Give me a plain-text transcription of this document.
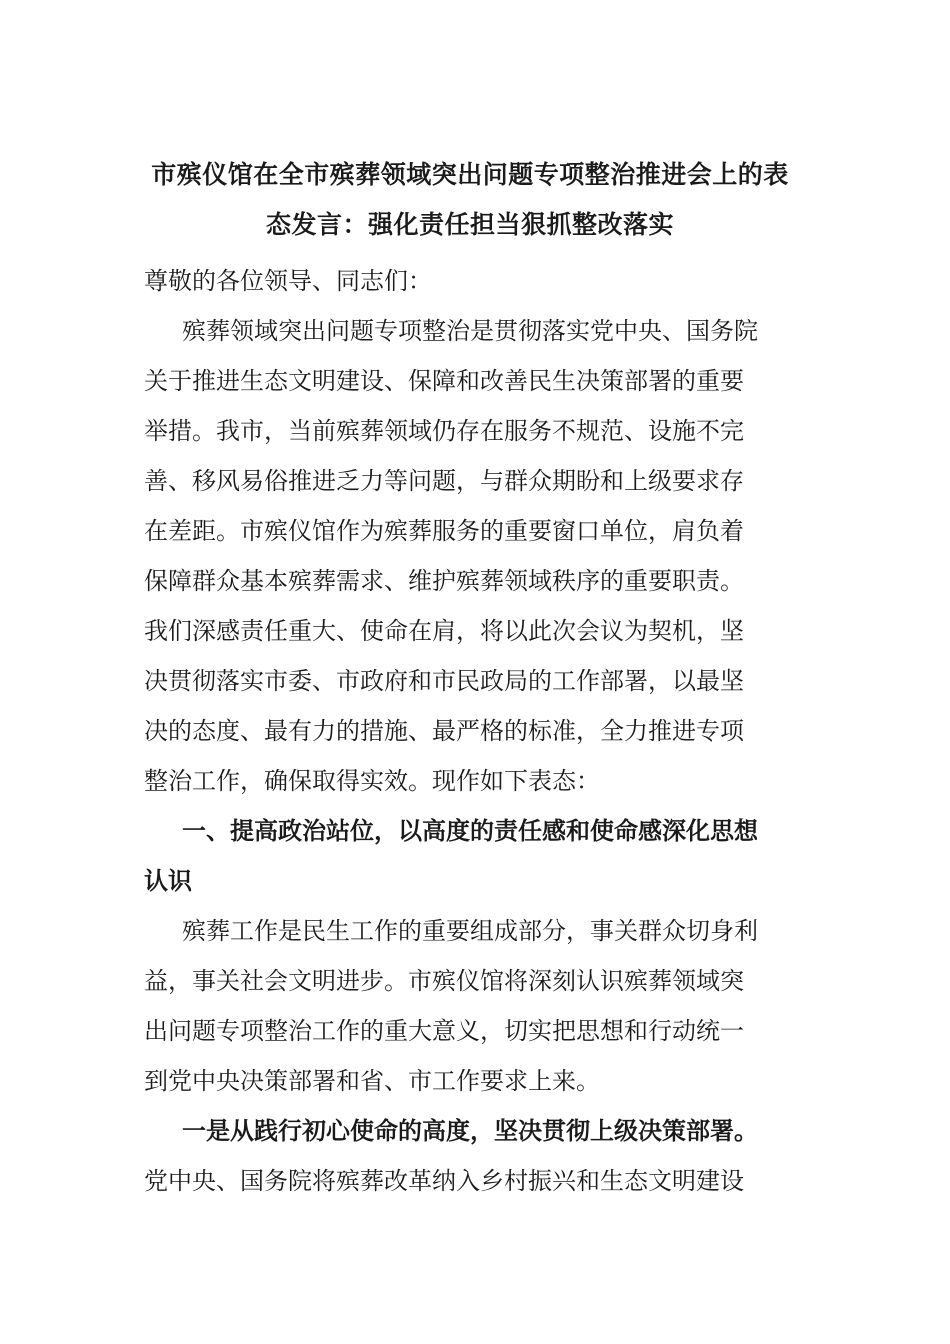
市殡仪馆在全市殡葬领域突出问题专项整治推进会上的表
态发言：强化责任担当狠抓整改落实

尊敬的各位领导、同志们：

殡葬领域突出问题专项整治是贯彻落实党中央、国务院
关于推进生态文明建设、保障和改善民生决策部署的重要
举措。我市，当前殡葬领域仍存在服务不规范、设施不完
善、移风易俗推进乏力等问题，与群众期盼和上级要求存
在差距。市殡仪馆作为殡葬服务的重要窗口单位，肩负着
保障群众基本殡葬需求、维护殡葬领域秩序的重要职责。
我们深感责任重大、使命在肩，将以此次会议为契机，坚
决贯彻落实市委、市政府和市民政局的工作部署，以最坚
决的态度、最有力的措施、最严格的标准，全力推进专项
整治工作，确保取得实效。现作如下表态：
一、提高政治站位，以高度的责任感和使命感深化思想
认识
殡葬工作是民生工作的重要组成部分，事关群众切身利
益，事关社会文明进步。市殡仪馆将深刻认识殡葬领域突
出问题专项整治工作的重大意义，切实把思想和行动统一
到党中央决策部署和省、市工作要求上来。
一是从践行初心使命的高度，坚决贯彻上级决策部署。
党中央、国务院将殡葬改革纳入乡村振兴和生态文明建设
